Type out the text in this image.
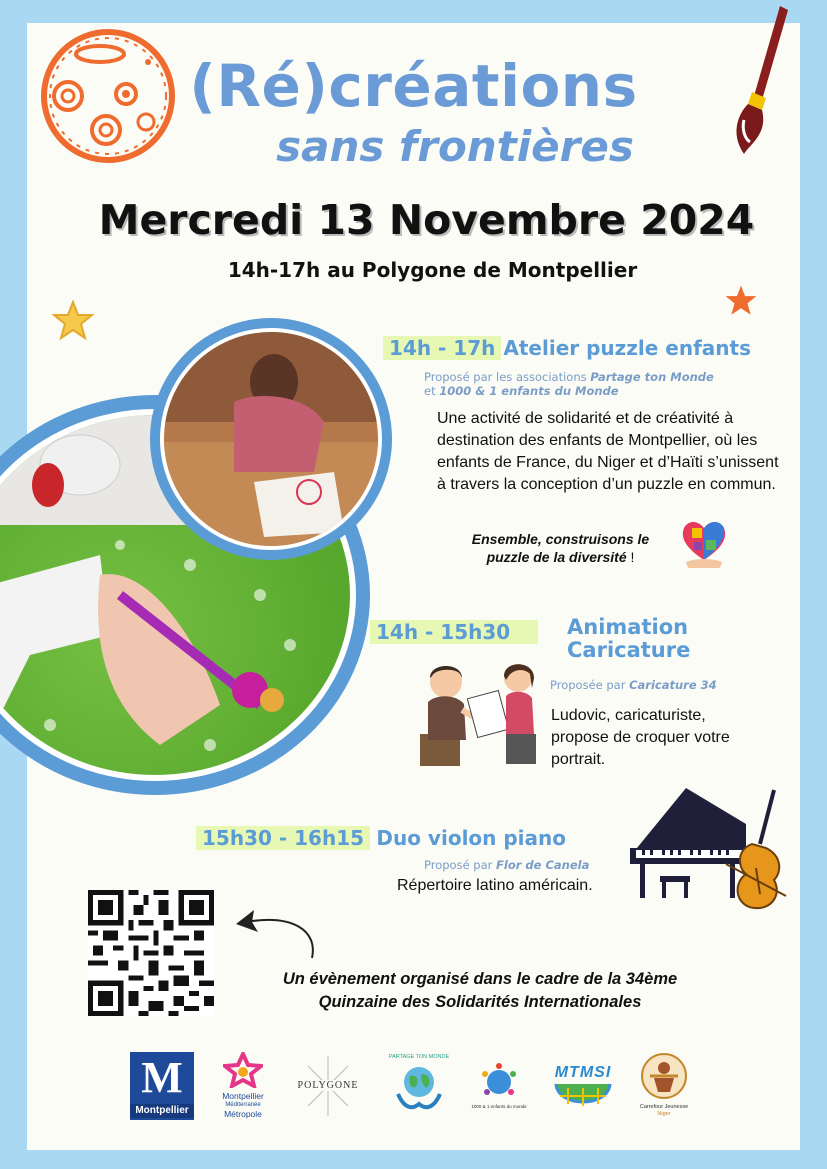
(Ré)créations
sans frontières
Mercredi 13 Novembre 2024
14h-17h au Polygone de Montpellier
14h - 17h Atelier puzzle enfants
Proposé par les associations Partage ton Monde
et 1000 & 1 enfants du Monde
Une activité de solidarité et de créativité à destination des enfants de Montpellier, où les enfants de France, du Niger et d’Haïti s’unissent à travers la conception d’un puzzle en commun.
Ensemble, construisons le
puzzle de la diversité !
14h - 15h30	Animation
Caricature
Proposée par Caricature 34
Ludovic, caricaturiste, propose de croquer votre portrait.
15h30 - 16h15 Duo violon piano
Proposé par Flor de Canela
Répertoire latino américain.
Un évènement organisé dans le cadre de la 34ème
Quinzaine des Solidarités Internationales
M
Montpellier
Montpellier
Méditerranée
Métropole
POLYGONE
PARTAGE TON MONDE
1000 & 1 enfants du monde
MTMSI
Carrefour Jeunesse
Niger
